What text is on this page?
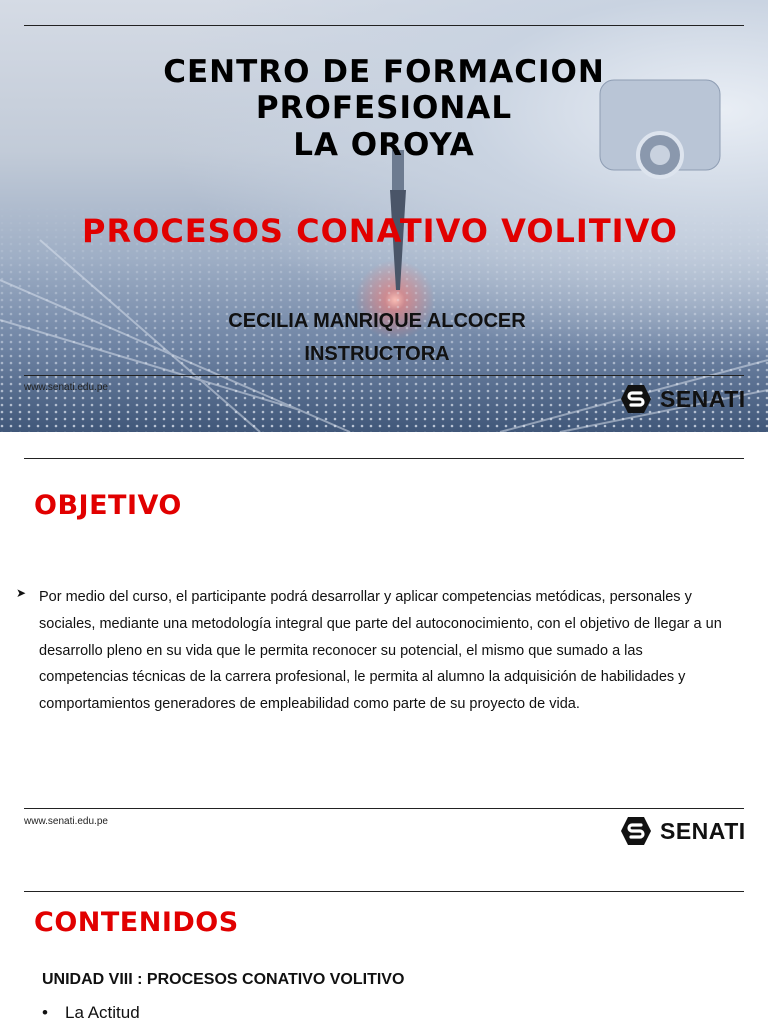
CENTRO DE FORMACION
PROFESIONAL
LA OROYA
PROCESOS CONATIVO VOLITIVO
CECILIA MANRIQUE ALCOCER
INSTRUCTORA
www.senati.edu.pe	SENATI
OBJETIVO
➤ Por medio del curso, el participante podrá desarrollar y aplicar competencias metódicas, personales y sociales, mediante una metodología integral que parte del autoconocimiento, con el objetivo de llegar a un desarrollo pleno en su vida que le permita reconocer su potencial, el mismo que sumado a las competencias técnicas de la carrera profesional, le permita al alumno la adquisición de habilidades y comportamientos generadores de empleabilidad como parte de su proyecto de vida.
www.senati.edu.pe	SENATI
CONTENIDOS
UNIDAD VIII : PROCESOS CONATIVO VOLITIVO
• La Actitud
